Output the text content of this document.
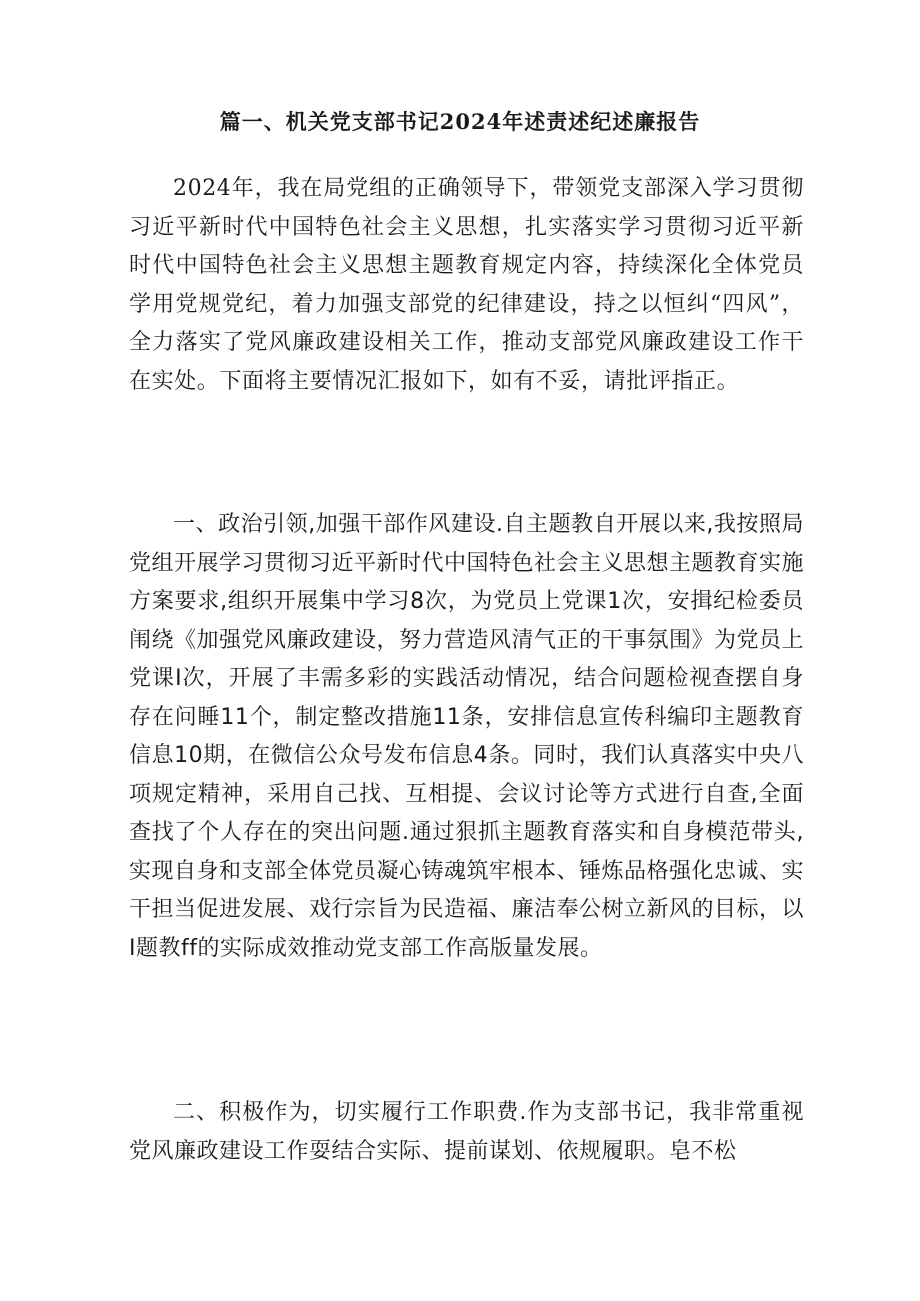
篇一、机关党支部书记2024年述责述纪述廉报告

2024年，我在局党组的正确领导下，带领党支部深入学习贯彻习近平新时代中国特色社会主义思想，扎实落实学习贯彻习近平新时代中国特色社会主义思想主题教育规定内容，持续深化全体党员学用党规党纪，着力加强支部党的纪律建设，持之以恒纠“四风”，全力落实了党风廉政建设相关工作，推动支部党风廉政建设工作干在实处。下面将主要情况汇报如下，如有不妥，请批评指正。

一、政治引领,加强干部作风建设.自主题教自开展以来,我按照局党组开展学习贯彻习近平新时代中国特色社会主义思想主题教育实施方案要求,组织开展集中学习8次，为党员上党课1次，安揖纪检委员闱绕《加强党风廉政建设，努力营造风清气正的干事氛围》为党员上党课I次，开展了丰需多彩的实践活动情况，结合问题检视查摆自身存在问睡11个，制定整改措施11条，安排信息宣传科编印主题教育信息10期，在微信公众号发布信息4条。同时，我们认真落实中央八项规定精神，采用自己找、互相提、会议讨论等方式进行自查,全面查找了个人存在的突出问题.通过狠抓主题教育落实和自身模范带头,实现自身和支部全体党员凝心铸魂筑牢根本、锤炼品格强化忠诚、实干担当促进发展、戏行宗旨为民造福、廉洁奉公树立新风的目标，以I题教ff的实际成效推动党支部工作高版量发展。

二、积极作为，切实履行工作职费.作为支部书记，我非常重视党风廉政建设工作耍结合实际、提前谋划、依规履职。皂不松
